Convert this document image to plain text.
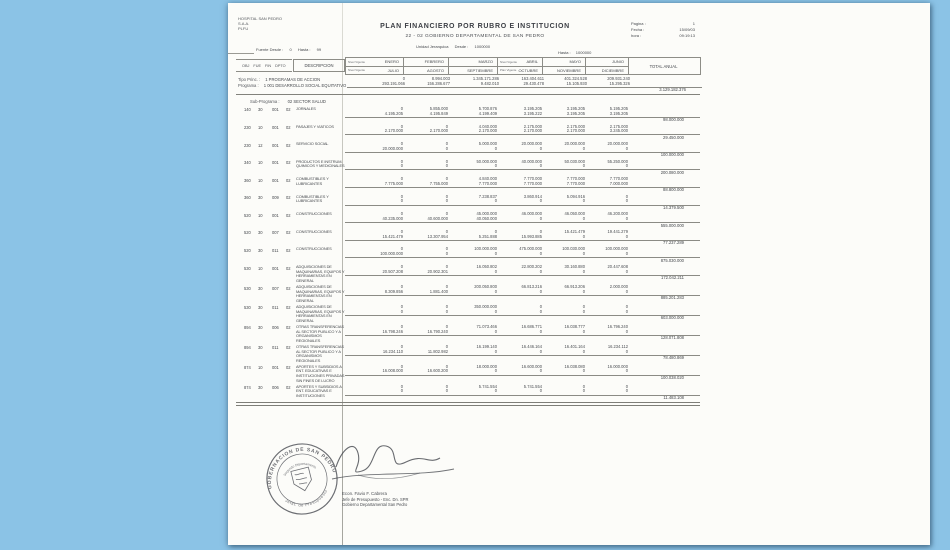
HOSPITAL SAN PEDRO
S.A.A.
PLFU	PLAN FINANCIERO POR RUBRO E INSTITUCION
22 - 02 GOBIERNO DEPARTAMENTAL DE SAN PEDRO
Pagina :	1
Fecha :	15/09/03
hora :	09:19:13
Fuente Desde : 0 Hasta : 99
Unidad Jerarquica Desde : 1000000
Hasta : 1000000
OBJ FUE FIN DPTO	DESCRIPCION
Nivel Vigente	ENERO
Nivel Vigente	JULIO
FEBRERO
AGOSTO
MARZO
SEPTIEMBRE
Nivel Vigente ABRIL
Plan Vigente OCTUBRE
MAYO
NOVIEMBRE
JUNIO
DICIEMBRE
TOTAL ANUAL
Tipo Princ. : 1 PROGRAMAS DE ACCION
Programa : 1 001 DESARROLLO SOCIAL EQUITATIVO
0	8.994.003	1.345.171.286	163.404.611	401.324.528	209.931.240
293.191.066	156.286.677	9.482.010	29.430.478	15.105.930	15.295.326
3.129.182.376
Sub-Programa : 02 SECTOR SALUD
140 30 001 02 JORNALES	0	5.855.000	5.700.876	3.195.205	3.195.205	5.195.205
4.195.205	4.195.849	4.199.409	3.195.222	3.195.205	3.195.205
98.000.000
230 10 001 02 PASAJES Y VIATICOS	0	0	4.040.000	2.175.000	2.175.000	2.175.000
2.170.000	2.170.000	2.170.000	2.170.000	2.170.000	3.245.000
29.450.000
230 12 001 02 SERVICIO SOCIAL	0	0	5.000.000	20.000.000	20.000.000	20.000.000
20.000.000	0	0	0	0	0
100.000.000
340 10 001 02 PRODUCTOS E INSTRUM. QUIMICOS Y MEDICINALES
0	0	50.000.000	40.000.000	50.030.000	55.250.000
0	0	0	0	0	0
200.080.000
360 10 001 02 COMBUSTIBLES Y LUBRICANTES
0	0	4.840.000	7.770.000	7.770.000	7.770.000
7.775.000	7.755.000	7.770.000	7.770.000	7.770.000	7.000.000
88.800.000
360 30 009 02 COMBUSTIBLES Y LUBRICANTES
0	0	7.238.837	3.860.914	5.094.916	0
0	0	0	0	0	0
14.379.500
520 10 001 02 CONSTRUCCIONES	0	0	45.000.000	46.000.000	46.050.000	46.200.000
40.235.000	40.600.000	40.050.000	0	0	0
555.000.000
520 30 007 02 CONSTRUCCIONES	0	0	0	0	15.421.479	19.441.279
15.421.479	13.307.954	5.251.888	15.993.885	0	0
77.237.289
520 30 011 02 CONSTRUCCIONES	0	0	100.000.000	475.000.000	100.030.000	100.000.000
100.000.000	0	0	0	0	0
875.030.000
530 10 001 02 ADQUISICIONES DE MAQUINARIAS, EQUIPOS Y HERRAMIENTAS EN GENERAL
0	0	16.050.802	22.800.202	30.160.880	20.447.608
20.507.208	20.902.301	0	0	0	0
172.042.211
530 30 007 02 ADQUISICIONES DE MAQUINARIAS, EQUIPOS Y HERRAMIENTAS EN GENERAL
0	0	200.050.800	66.813.216	66.913.206	2.000.000
8.309.856	1.881.400	0	0	0	0
885.201.283
530 30 011 02 ADQUISICIONES DE MAQUINARIAS, EQUIPOS Y HERRAMIENTAS EN GENERAL
0	0	350.000.000	0	0	0
0	0	0	0	0	0
603.000.000
894 30 006 02 OTRAS TRANSFERENCIAS AL SECTOR PUBLICO Y A ORGANISMOS REGIONALES
0	0	71.073.466	16.686.771	16.038.777	16.796.240
16.798.246	16.790.240	0	0	0	0
128.071.808
894 30 011 02 OTRAS TRANSFERENCIAS AL SECTOR PUBLICO Y A ORGANISMOS REGIONALES
0	0	16.199.140	16.446.164	16.401.164	16.234.112
16.234.110	11.802.982	0	0	0	0
78.480.869
874 10 001 02 APORTES Y SUBSIDIOS A ENT. EDUCATIVAS E INSTITUCIONES PRIVADAS SIN FINES DE LUCRO
0	0	18.000.000	16.600.000	16.038.080	16.000.000
16.008.000	16.600.200	0	0	0	0
100.038.020
874 30 006 02 APORTES Y SUBSIDIOS A ENT. EDUCATIVAS E INSTITUCIONES
0	0	5.741.554	5.741.554	0	0
0	0	0	0	0	0
11.483.108
GOBERNACION DE SAN PEDRO
Segundo Departamento
Jefat. de Presupuesto	Econ. Favio F. Cabrera
Jefe de Presupuesto - Enc. Dn. SPR
Gobierno Departamental San Pedro
